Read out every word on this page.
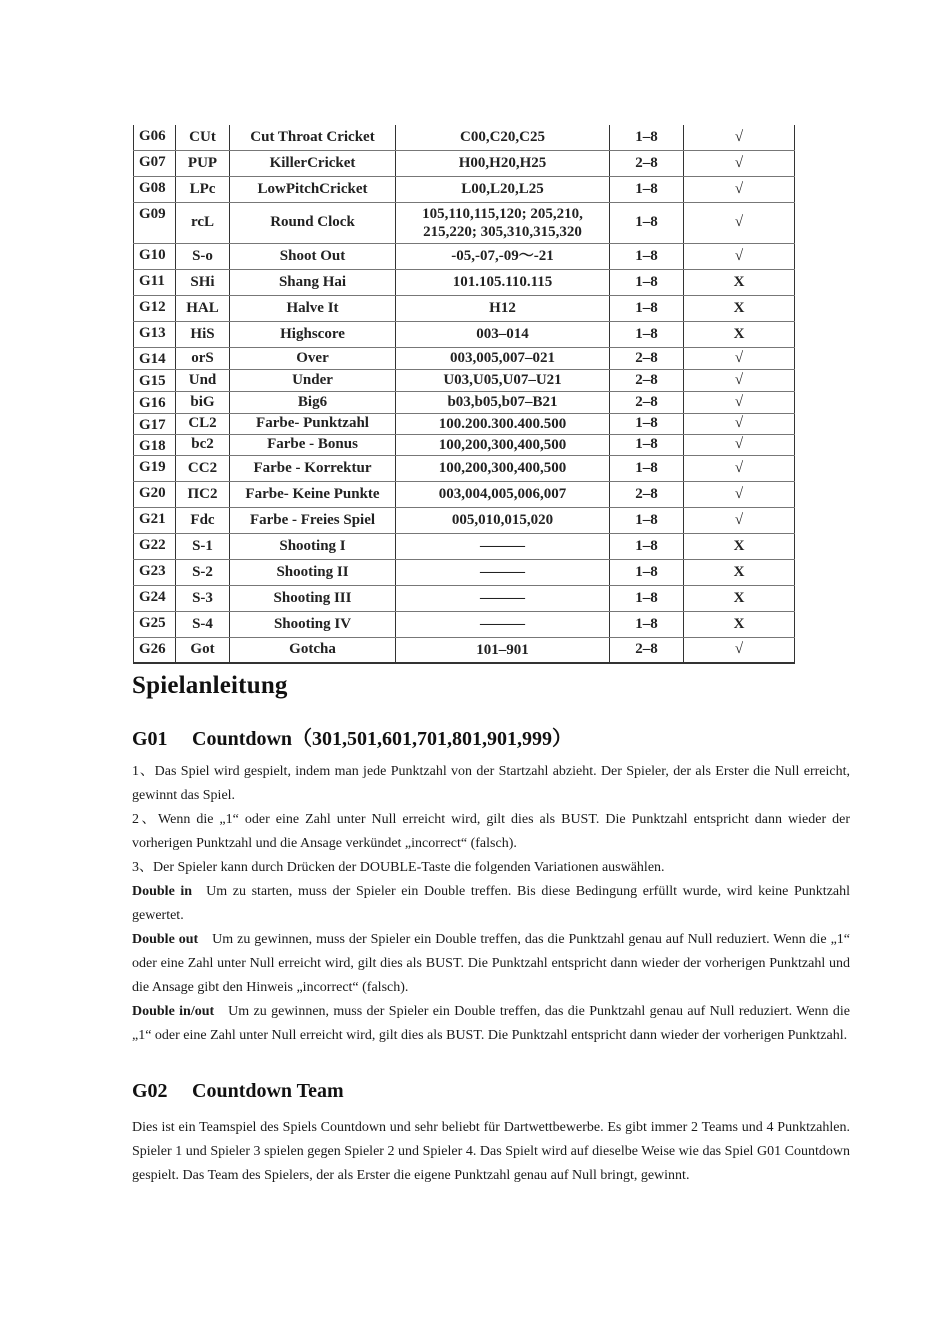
G06	CUt	Cut Throat Cricket	C00,C20,C25	1–8	√
G07	PUP	KillerCricket	H00,H20,H25	2–8	√
G08	LPc	LowPitchCricket	L00,L20,L25	1–8	√
G09	rcL	Round Clock	105,110,115,120; 205,210,
215,220; 305,310,315,320	1–8	√
G10	S-o	Shoot Out	-05,-07,-09～-21	1–8	√
G11	SHi	Shang Hai	101.105.110.115	1–8	X
G12	HAL	Halve It	H12	1–8	X
G13	HiS	Highscore	003–014	1–8	X
G14	orS	Over	003,005,007–021	2–8	√
G15	Und	Under	U03,U05,U07–U21	2–8	√
G16	biG	Big6	b03,b05,b07–B21	2–8	√
G17	CL2	Farbe- Punktzahl	100.200.300.400.500	1–8	√
G18	bc2	Farbe - Bonus	100,200,300,400,500	1–8	√
G19	CC2	Farbe - Korrektur	100,200,300,400,500	1–8	√
G20	ПС2	Farbe- Keine Punkte	003,004,005,006,007	2–8	√
G21	Fdc	Farbe - Freies Spiel	005,010,015,020	1–8	√
G22	S-1	Shooting I	———	1–8	X
G23	S-2	Shooting II	———	1–8	X
G24	S-3	Shooting III	———	1–8	X
G25	S-4	Shooting IV	———	1–8	X
G26	Got	Gotcha	101–901	2–8	√
Spielanleitung
G01 Countdown（301,501,601,701,801,901,999）

1、Das Spiel wird gespielt, indem man jede Punktzahl von der Startzahl abzieht. Der Spieler, der als Erster die Null erreicht, gewinnt das Spiel.

2、Wenn die „1“ oder eine Zahl unter Null erreicht wird, gilt dies als BUST. Die Punktzahl entspricht dann wieder der vorherigen Punktzahl und die Ansage verkündet „incorrect“ (falsch).

3、Der Spieler kann durch Drücken der DOUBLE-Taste die folgenden Variationen auswählen.

Double in Um zu starten, muss der Spieler ein Double treffen. Bis diese Bedingung erfüllt wurde, wird keine Punktzahl gewertet.

Double out Um zu gewinnen, muss der Spieler ein Double treffen, das die Punktzahl genau auf Null reduziert. Wenn die „1“ oder eine Zahl unter Null erreicht wird, gilt dies als BUST. Die Punktzahl entspricht dann wieder der vorherigen Punktzahl und die Ansage gibt den Hinweis „incorrect“ (falsch).

Double in/out Um zu gewinnen, muss der Spieler ein Double treffen, das die Punktzahl genau auf Null reduziert. Wenn die „1“ oder eine Zahl unter Null erreicht wird, gilt dies als BUST. Die Punktzahl entspricht dann wieder der vorherigen Punktzahl.

G02 Countdown Team

Dies ist ein Teamspiel des Spiels Countdown und sehr beliebt für Dartwettbewerbe. Es gibt immer 2 Teams und 4 Punktzahlen. Spieler 1 und Spieler 3 spielen gegen Spieler 2 und Spieler 4. Das Spielt wird auf dieselbe Weise wie das Spiel G01 Countdown gespielt. Das Team des Spielers, der als Erster die eigene Punktzahl genau auf Null bringt, gewinnt.
